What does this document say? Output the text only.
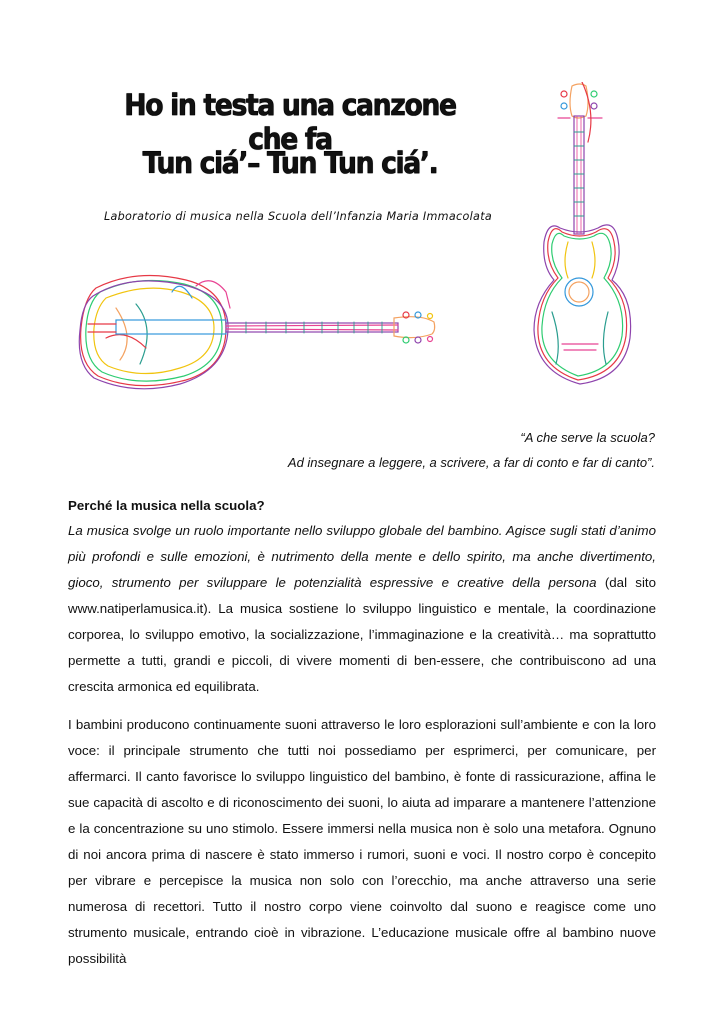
Ho in testa una canzone che fa
Tun ciá’– Tun Tun ciá’.
Laboratorio di musica nella Scuola dell’Infanzia Maria Immacolata
“A che serve la scuola?
Ad insegnare a leggere, a scrivere, a far di conto e far di canto”.
Perché la musica nella scuola?

La musica svolge un ruolo importante nello sviluppo globale del bambino. Agisce sugli stati d’animo più profondi e sulle emozioni, è nutrimento della mente e dello spirito, ma anche divertimento, gioco, strumento per sviluppare le potenzialità espressive e creative della persona (dal sito www.natiperlamusica.it). La musica sostiene lo sviluppo linguistico e mentale, la coordinazione corporea, lo sviluppo emotivo, la socializzazione, l’immaginazione e la creatività… ma soprattutto permette a tutti, grandi e piccoli, di vivere momenti di ben-essere, che contribuiscono ad una crescita armonica ed equilibrata.

I bambini producono continuamente suoni attraverso le loro esplorazioni sull’ambiente e con la loro voce: il principale strumento che tutti noi possediamo per esprimerci, per comunicare, per affermarci. Il canto favorisce lo sviluppo linguistico del bambino, è fonte di rassicurazione, affina le sue capacità di ascolto e di riconoscimento dei suoni, lo aiuta ad imparare a mantenere l’attenzione e la concentrazione su uno stimolo. Essere immersi nella musica non è solo una metafora. Ognuno di noi ancora prima di nascere è stato immerso i rumori, suoni e voci. Il nostro corpo è concepito per vibrare e percepisce la musica non solo con l’orecchio, ma anche attraverso una serie numerosa di recettori. Tutto il nostro corpo viene coinvolto dal suono e reagisce come uno strumento musicale, entrando cioè in vibrazione. L’educazione musicale offre al bambino nuove possibilità
